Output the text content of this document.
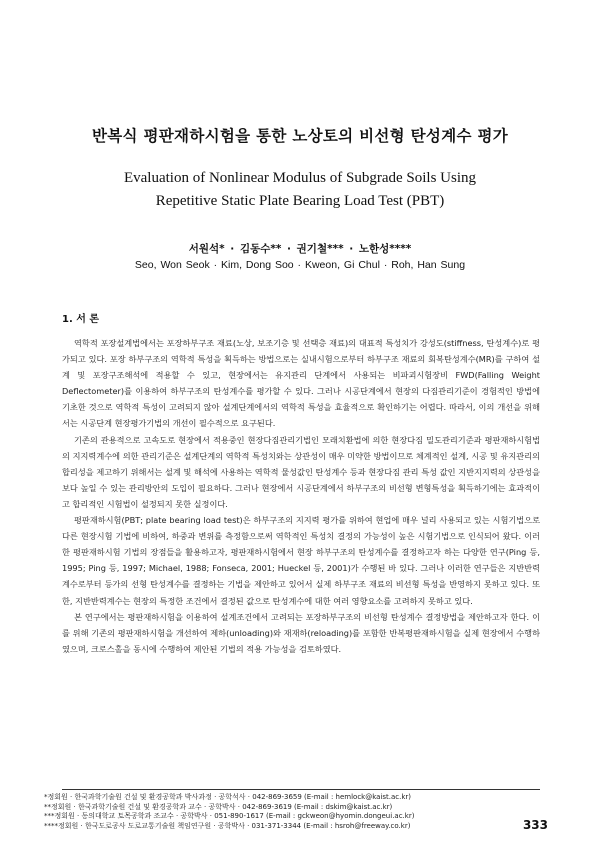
반복식 평판재하시험을 통한 노상토의 비선형 탄성계수 평가
Evaluation of Nonlinear Modulus of Subgrade Soils Using
Repetitive Static Plate Bearing Load Test (PBT)
서원석* · 김동수** · 권기철*** · 노한성****
Seo, Won Seok · Kim, Dong Soo · Kweon, Gi Chul · Roh, Han Sung
1. 서 론

역학적 포장설계법에서는 포장하부구조 재료(노상, 보조기층 및 선택층 재료)의 대표적 특성치가 강성도(stiffness, 탄성계수)로 평가되고 있다. 포장 하부구조의 역학적 특성을 획득하는 방법으로는 실내시험으로부터 하부구조 재료의 회복탄성계수(MR)를 구하여 설계 및 포장구조해석에 적용할 수 있고, 현장에서는 유지관리 단계에서 사용되는 비파괴시험장비 FWD(Falling Weight Deflectometer)를 이용하여 하부구조의 탄성계수를 평가할 수 있다. 그러나 시공단계에서 현장의 다짐관리기준이 경험적인 방법에 기초한 것으로 역학적 특성이 고려되지 않아 설계단계에서의 역학적 특성을 효율적으로 확인하기는 어렵다. 따라서, 이의 개선을 위해서는 시공단계 현장평가기법의 개선이 필수적으로 요구된다.

기존의 관용적으로 고속도로 현장에서 적용중인 현장다짐관리기법인 모래치환법에 의한 현장다짐 밀도관리기준과 평판재하시험법의 지지력계수에 의한 관리기준은 설계단계의 역학적 특성치와는 상관성이 매우 미약한 방법이므로 체계적인 설계, 시공 및 유지관리의 합리성을 제고하기 위해서는 설계 및 해석에 사용하는 역학적 물성값인 탄성계수 등과 현장다짐 관리 특성 값인 지반지지력의 상관성을 보다 높일 수 있는 관리방안의 도입이 필요하다. 그러나 현장에서 시공단계에서 하부구조의 비선형 변형특성을 획득하기에는 효과적이고 합리적인 시험법이 설정되지 못한 실정이다.

평판재하시험(PBT; plate bearing load test)은 하부구조의 지지력 평가를 위하여 현업에 매우 널리 사용되고 있는 시험기법으로 다른 현장시험 기법에 비하여, 하중과 변위를 측정함으로써 역학적인 특성치 결정의 가능성이 높은 시험기법으로 인식되어 왔다. 이러한 평판재하시험 기법의 장점들을 활용하고자, 평판재하시험에서 현장 하부구조의 탄성계수를 결정하고자 하는 다양한 연구(Ping 등, 1995; Ping 등, 1997; Michael, 1988; Fonseca, 2001; Hueckel 등, 2001)가 수행된 바 있다. 그러나 이러한 연구들은 지반반력계수로부터 등가의 선형 탄성계수를 결정하는 기법을 제안하고 있어서 실제 하부구조 재료의 비선형 특성을 반영하지 못하고 있다. 또한, 지반반력계수는 현장의 특정한 조건에서 결정된 값으로 탄성계수에 대한 여러 영향요소를 고려하지 못하고 있다.

본 연구에서는 평판재하시험을 이용하여 설계조건에서 고려되는 포장하부구조의 비선형 탄성계수 결정방법을 제안하고자 한다. 이를 위해 기존의 평판재하시험을 개선하여 제하(unloading)와 재재하(reloading)를 포함한 반복평판재하시험을 실제 현장에서 수행하였으며, 크로스홀을 동시에 수행하여 제안된 기법의 적용 가능성을 검토하였다.

*정회원 · 한국과학기술원 건설 및 환경공학과 박사과정 · 공학석사 · 042-869-3659 (E-mail : hemlock@kaist.ac.kr)
**정회원 · 한국과학기술원 건설 및 환경공학과 교수 · 공학박사 · 042-869-3619 (E-mail : dskim@kaist.ac.kr)
***정회원 · 동의대학교 토목공학과 조교수 · 공학박사 · 051-890-1617 (E-mail : gckweon@hyomin.dongeui.ac.kr)
****정회원 · 한국도로공사 도로교통기술원 책임연구원 · 공학박사 · 031-371-3344 (E-mail : hsroh@freeway.co.kr)	333
